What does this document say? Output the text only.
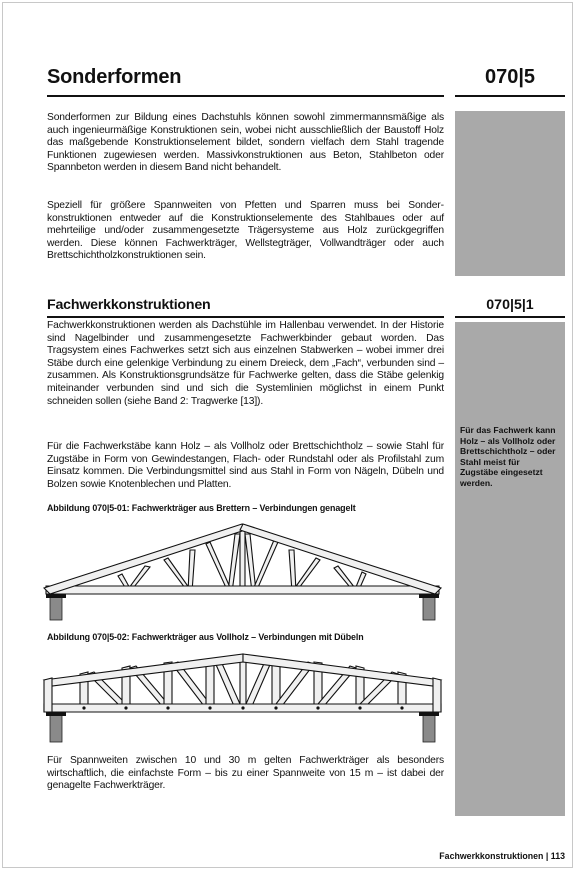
Sonderformen	070|5
Sonderformen zur Bildung eines Dachstuhls können sowohl zimmermannsmäßige als auch ingenieurmäßige Konstruktionen sein, wobei nicht ausschließlich der Baustoff Holz das maßgebende Konstruktionselement bildet, sondern vielfach dem Stahl tragende Funktionen zugewiesen werden. Massivkonstruktionen aus Beton, Stahlbeton oder Spannbeton werden in diesem Band nicht behandelt.
Speziell für größere Spannweiten von Pfetten und Sparren muss bei Sonderkonstruktionen entweder auf die Konstruktionselemente des Stahlbaues oder auf mehrteilige und/oder zusammengesetzte Trägersysteme aus Holz zurückgegriffen werden. Diese können Fachwerkträger, Wellstegträger, Vollwandträger oder auch Brettschichtholzkonstruktionen sein.
Fachwerkkonstruktionen	070|5|1
Fachwerkkonstruktionen werden als Dachstühle im Hallenbau verwendet. In der Historie sind Nagelbinder und zusammengesetzte Fachwerkbinder gebaut worden. Das Tragsystem eines Fachwerkes setzt sich aus einzelnen Stabwerken – wobei immer drei Stäbe durch eine gelenkige Verbindung zu einem Dreieck, dem „Fach“, verbunden sind – zusammen. Als Konstruktionsgrundsätze für Fachwerke gelten, dass die Stäbe gelenkig miteinander verbunden sind und sich die Systemlinien möglichst in einem Punkt schneiden sollen (siehe Band 2: Tragwerke [13]).
Für die Fachwerkstäbe kann Holz – als Vollholz oder Brettschichtholz – sowie Stahl für Zugstäbe in Form von Gewindestangen, Flach- oder Rundstahl oder als Profilstahl zum Einsatz kommen. Die Verbindungsmittel sind aus Stahl in Form von Nägeln, Dübeln und Bolzen sowie Knotenblechen und Platten.
Für das Fachwerk kann Holz – als Vollholz oder Brettschichtholz – oder Stahl meist für Zugstäbe eingesetzt werden.
Abbildung 070|5-01: Fachwerkträger aus Brettern – Verbindungen genagelt
Abbildung 070|5-02: Fachwerkträger aus Vollholz – Verbindungen mit Dübeln
Für Spannweiten zwischen 10 und 30 m gelten Fachwerkträger als besonders wirtschaftlich, die einfachste Form – bis zu einer Spannweite von 15 m – ist dabei der genagelte Fachwerkträger.
Fachwerkkonstruktionen | 113
